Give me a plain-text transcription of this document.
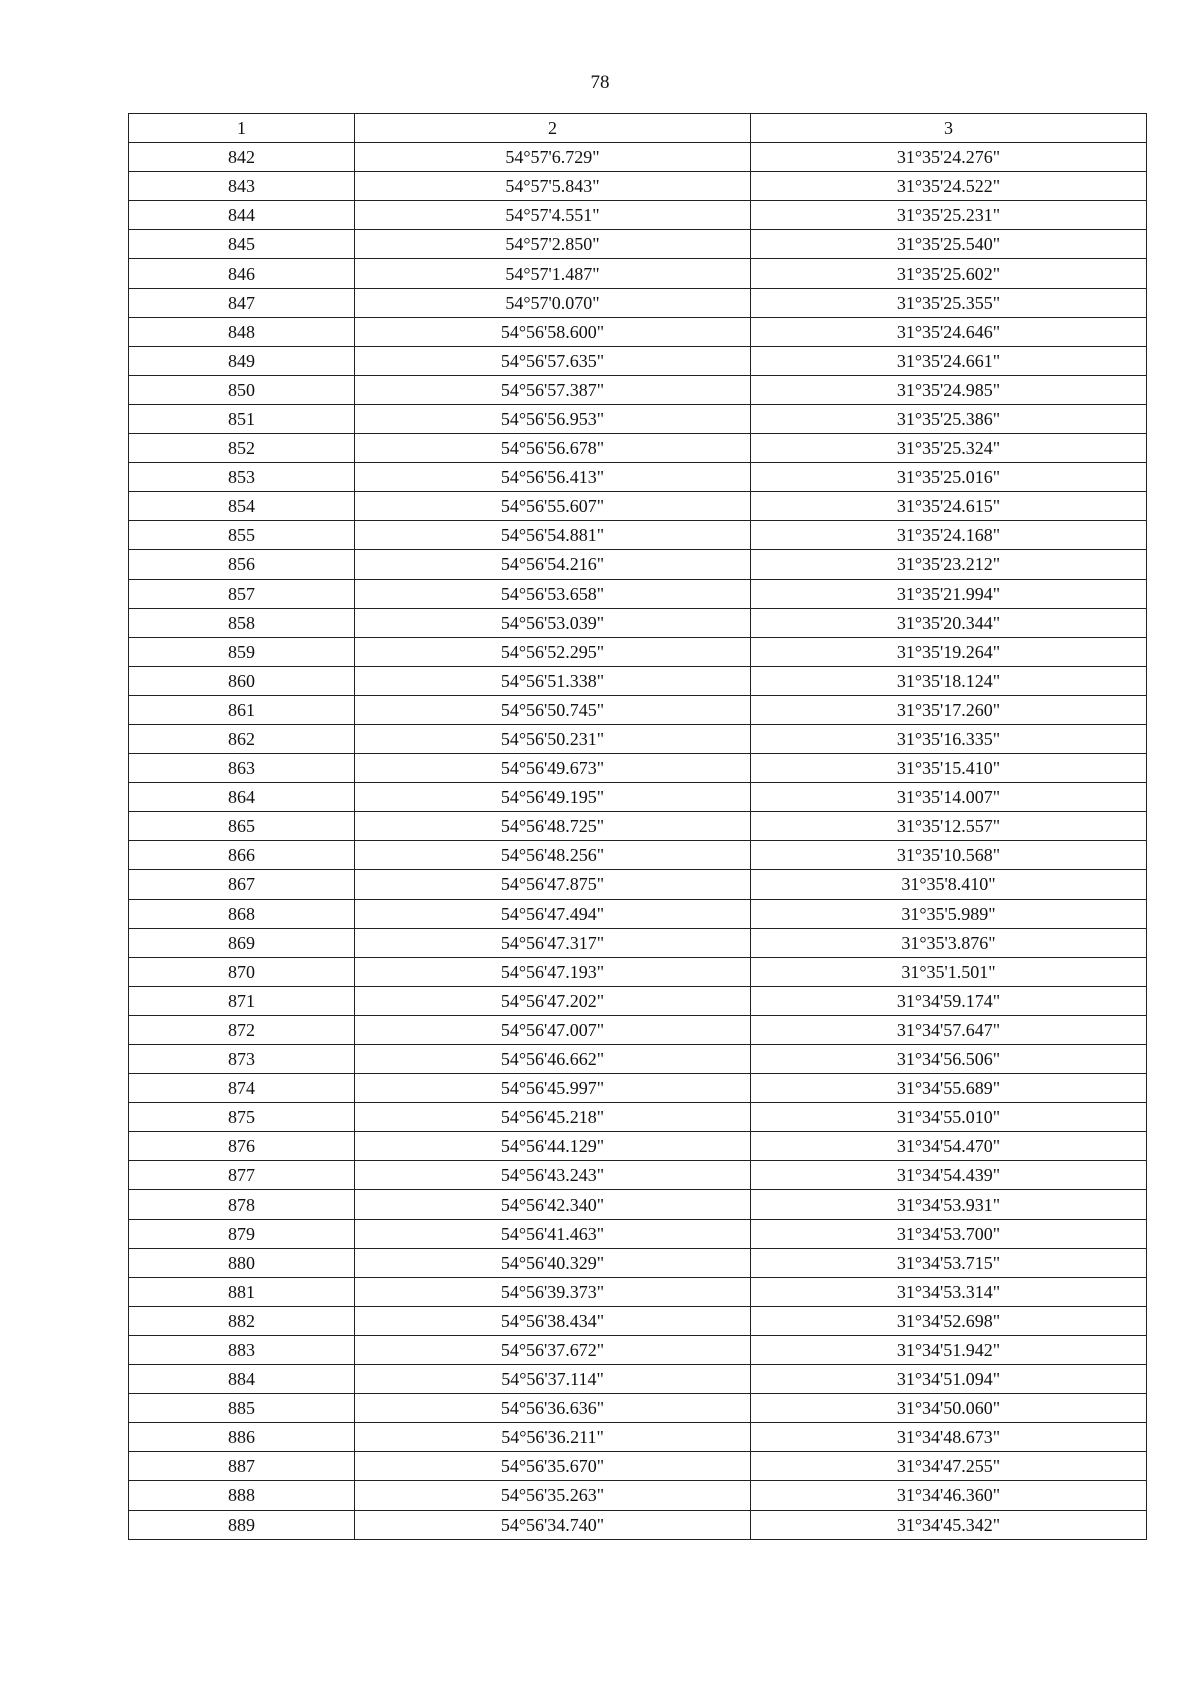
78
1	2	3
842	54°57'6.729"	31°35'24.276"
843	54°57'5.843"	31°35'24.522"
844	54°57'4.551"	31°35'25.231"
845	54°57'2.850"	31°35'25.540"
846	54°57'1.487"	31°35'25.602"
847	54°57'0.070"	31°35'25.355"
848	54°56'58.600"	31°35'24.646"
849	54°56'57.635"	31°35'24.661"
850	54°56'57.387"	31°35'24.985"
851	54°56'56.953"	31°35'25.386"
852	54°56'56.678"	31°35'25.324"
853	54°56'56.413"	31°35'25.016"
854	54°56'55.607"	31°35'24.615"
855	54°56'54.881"	31°35'24.168"
856	54°56'54.216"	31°35'23.212"
857	54°56'53.658"	31°35'21.994"
858	54°56'53.039"	31°35'20.344"
859	54°56'52.295"	31°35'19.264"
860	54°56'51.338"	31°35'18.124"
861	54°56'50.745"	31°35'17.260"
862	54°56'50.231"	31°35'16.335"
863	54°56'49.673"	31°35'15.410"
864	54°56'49.195"	31°35'14.007"
865	54°56'48.725"	31°35'12.557"
866	54°56'48.256"	31°35'10.568"
867	54°56'47.875"	31°35'8.410"
868	54°56'47.494"	31°35'5.989"
869	54°56'47.317"	31°35'3.876"
870	54°56'47.193"	31°35'1.501"
871	54°56'47.202"	31°34'59.174"
872	54°56'47.007"	31°34'57.647"
873	54°56'46.662"	31°34'56.506"
874	54°56'45.997"	31°34'55.689"
875	54°56'45.218"	31°34'55.010"
876	54°56'44.129"	31°34'54.470"
877	54°56'43.243"	31°34'54.439"
878	54°56'42.340"	31°34'53.931"
879	54°56'41.463"	31°34'53.700"
880	54°56'40.329"	31°34'53.715"
881	54°56'39.373"	31°34'53.314"
882	54°56'38.434"	31°34'52.698"
883	54°56'37.672"	31°34'51.942"
884	54°56'37.114"	31°34'51.094"
885	54°56'36.636"	31°34'50.060"
886	54°56'36.211"	31°34'48.673"
887	54°56'35.670"	31°34'47.255"
888	54°56'35.263"	31°34'46.360"
889	54°56'34.740"	31°34'45.342"
